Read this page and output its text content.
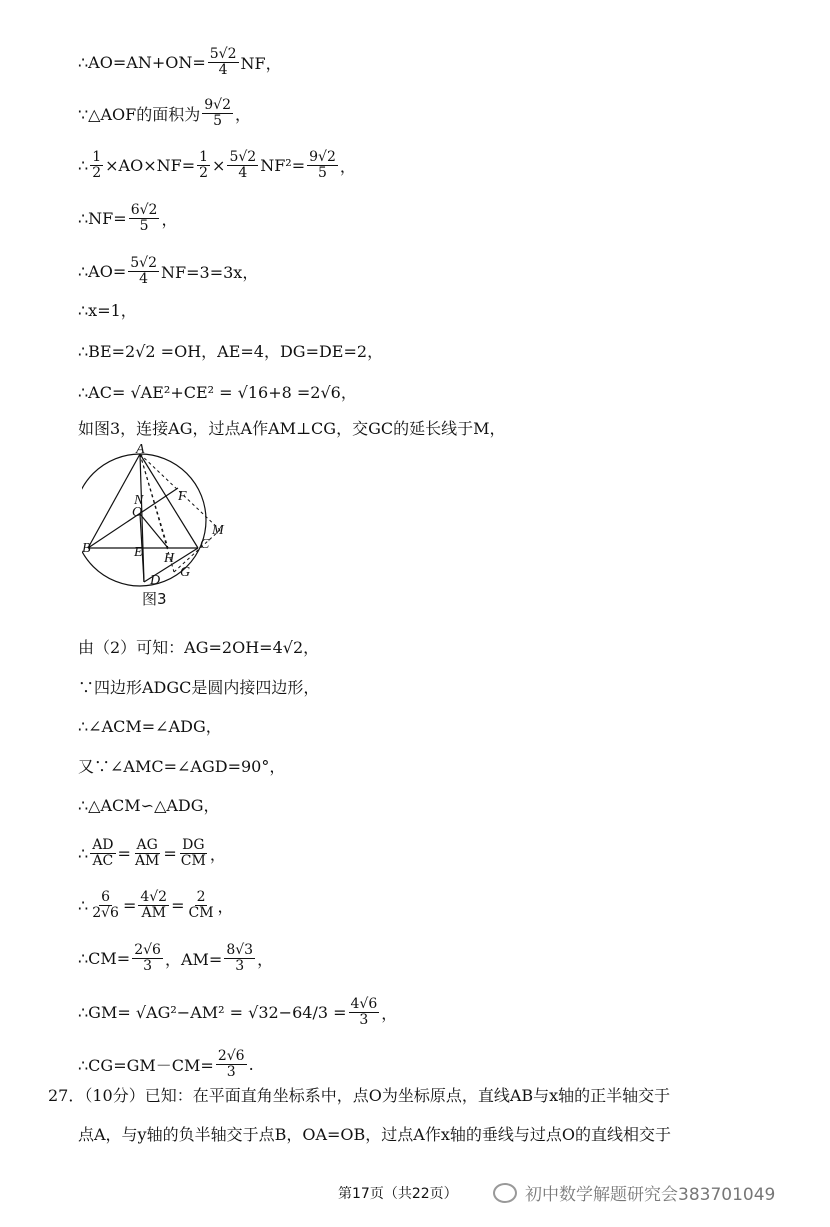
∴AO=AN+ON= $\frac{5√2}{4}$ NF，
∵△AOF的面积为 $\frac{9√2}{5}$ ，
∴ $\frac{1}{2} \times AO\times NF= \frac{1}{2} \times \frac{5√2}{4} NF^2= \frac{9√2}{5}$ ，
∴NF= $\frac{6√2}{5}$ ，
∴AO= $\frac{5√2}{4} NF=3=3x$，
∴x=1，
∴BE=2√2 =OH，AE=4，DG=DE=2，
∴AC= √AE²+CE² = √16+8 =2√6，
如图3，连接AG，过点A作AM⊥CG，交GC的延长线于M，
由（2）可知：AG=2OH=4√2，
∵四边形ADGC是圆内接四边形，
∴∠ACM=∠ADG，
又∵∠AMC=∠AGD=90°，
∴△ACM∽△ADG，
∴ $\frac{AD}{AC} = \frac{AG}{AM} = \frac{DG}{CM}$ ，
∴ $\frac{6}{2√6} = \frac{4√2}{AM} = \frac{2}{CM}$ ，
∴CM= $\frac{2√6}{3}$ ，$AM= \frac{8√3}{3}$ ，
∴GM= $√AG^2-AM^2 = √32-64/3 = \frac{4√6}{3}$ ，
∴CG=GM－CM= $\frac{2√6}{3}$ .
A
N F
O
M
B	E H
C
D
G
图3
27．（10分）已知：在平面直角坐标系中，点O为坐标原点，直线AB与x轴的正半轴交于
点A，与y轴的负半轴交于点B，OA=OB，过点A作x轴的垂线与过点O的直线相交于
第17页（共22页）	初中数学解题研究会383701049
